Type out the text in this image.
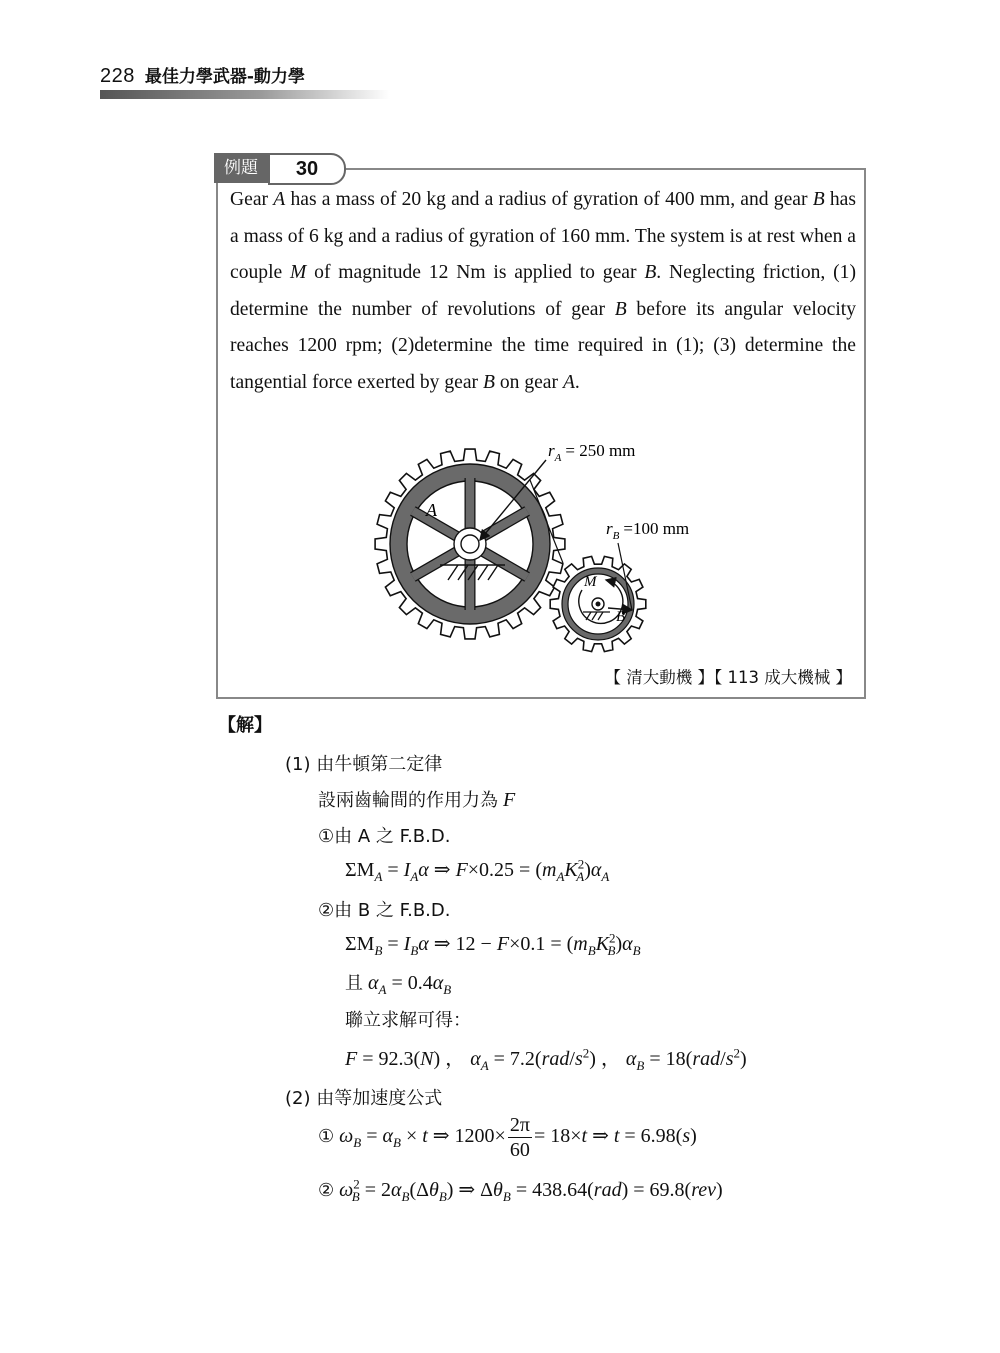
228 最佳力學武器-動力學
例題	30
Gear A has a mass of 20 kg and a radius of gyration of 400 mm, and gear B has a mass of 6 kg and a radius of gyration of 160 mm. The system is at rest when a couple M of magnitude 12 Nm is applied to gear B. Neglecting friction, (1) determine the number of revolutions of gear B before its angular velocity reaches 1200 rpm; (2)determine the time required in (1); (3) determine the tangential force exerted by gear B on gear A.
A
M
B
$r_A = 250$ mm
$r_B =100$ mm
【 清大動機 】【 113 成大機械 】
【解】
(1) 由牛頓第二定律
設兩齒輪間的作用力為 F
①由 A 之 F.B.D.
$\Sigma M_A = I_A\alpha$ ⇒ $F\times 0.25 = (m_AK^2_A)\alpha_A$
②由 B 之 F.B.D.
$\Sigma M_B = I_B\alpha$ ⇒ $12 - F\times 0.1 = (m_BK^2_B)\alpha_B$
且 $\alpha_A = 0.4\alpha_B$
聯立求解可得：
F = 92.3(N) ， $\alpha_A = 7.2(rad/s^2)$ ， $\alpha_B = 18(rad/s^2)$
(2) 由等加速度公式
① $\omega_B = \alpha_B \times t$ ⇒ $1200\times \frac{2\pi}{60} = 18\times t$ ⇒ t = 6.98(s)
② $\omega^2_B = 2\alpha_B(\Delta\theta_B)$ ⇒ $\Delta\theta_B = 438.64(rad) = 69.8(rev)$
